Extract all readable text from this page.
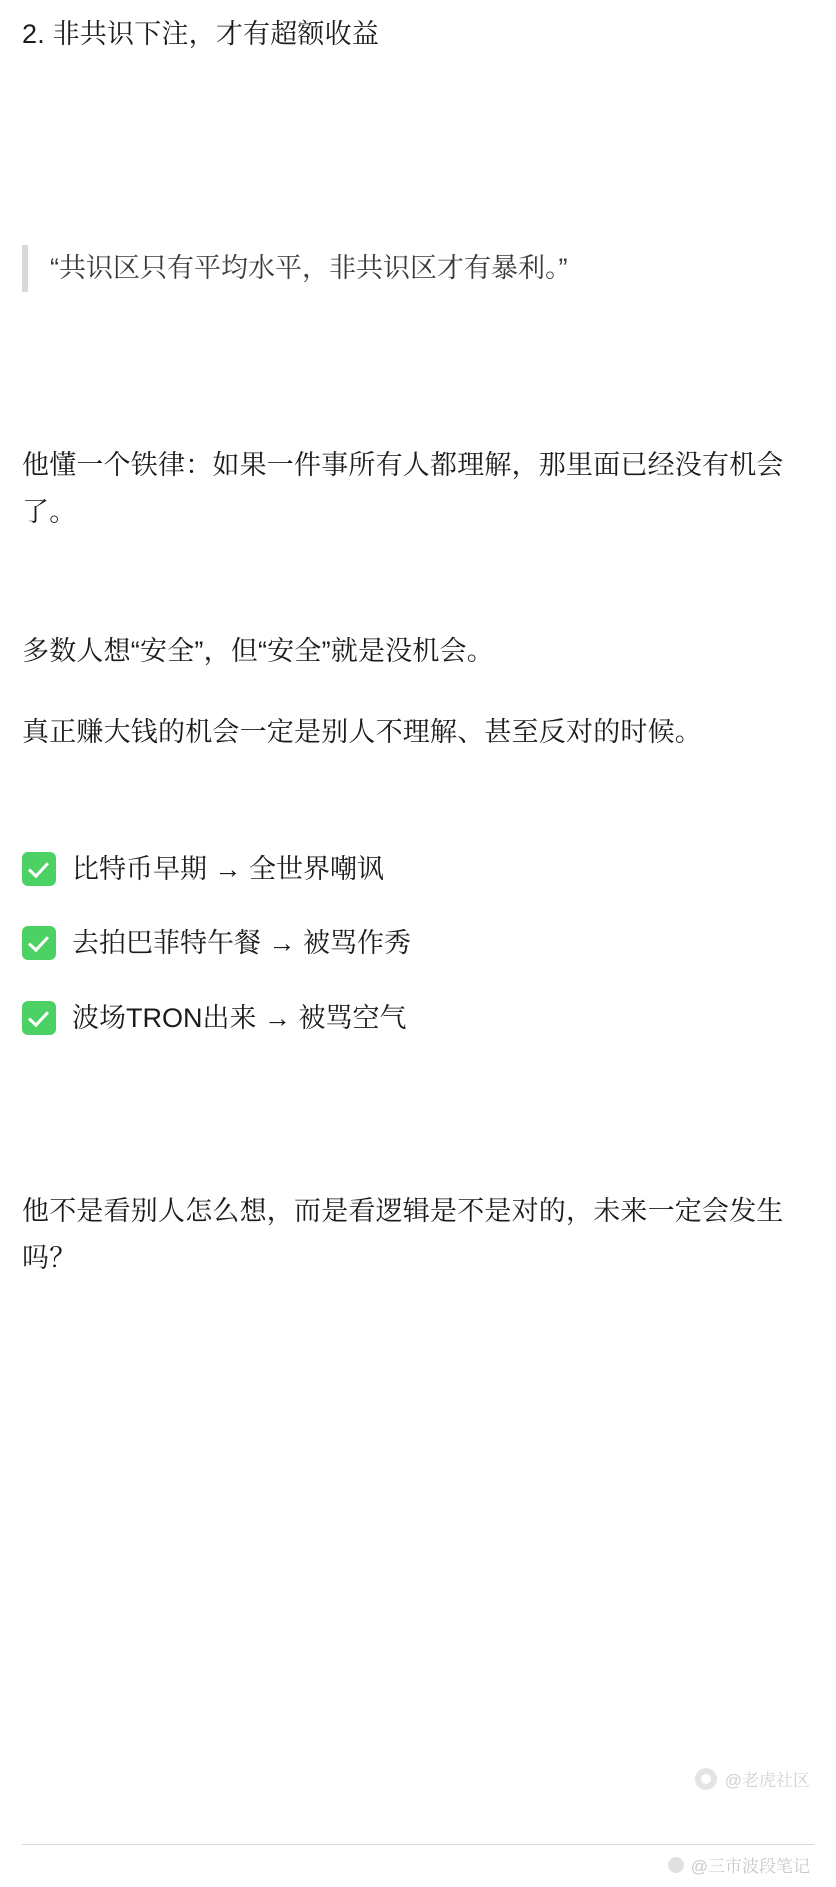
2. 非共识下注，才有超额收益
“共识区只有平均水平，非共识区才有暴利。”

他懂一个铁律：如果一件事所有人都理解，那里面已经没有机会了。

多数人想“安全”，但“安全”就是没机会。

真正赚大钱的机会一定是别人不理解、甚至反对的时候。

比特币早期 → 全世界嘲讽
去拍巴菲特午餐 → 被骂作秀
波场TRON出来 → 被骂空气

他不是看别人怎么想，而是看逻辑是不是对的，未来一定会发生吗？

@老虎社区
@三市波段笔记
